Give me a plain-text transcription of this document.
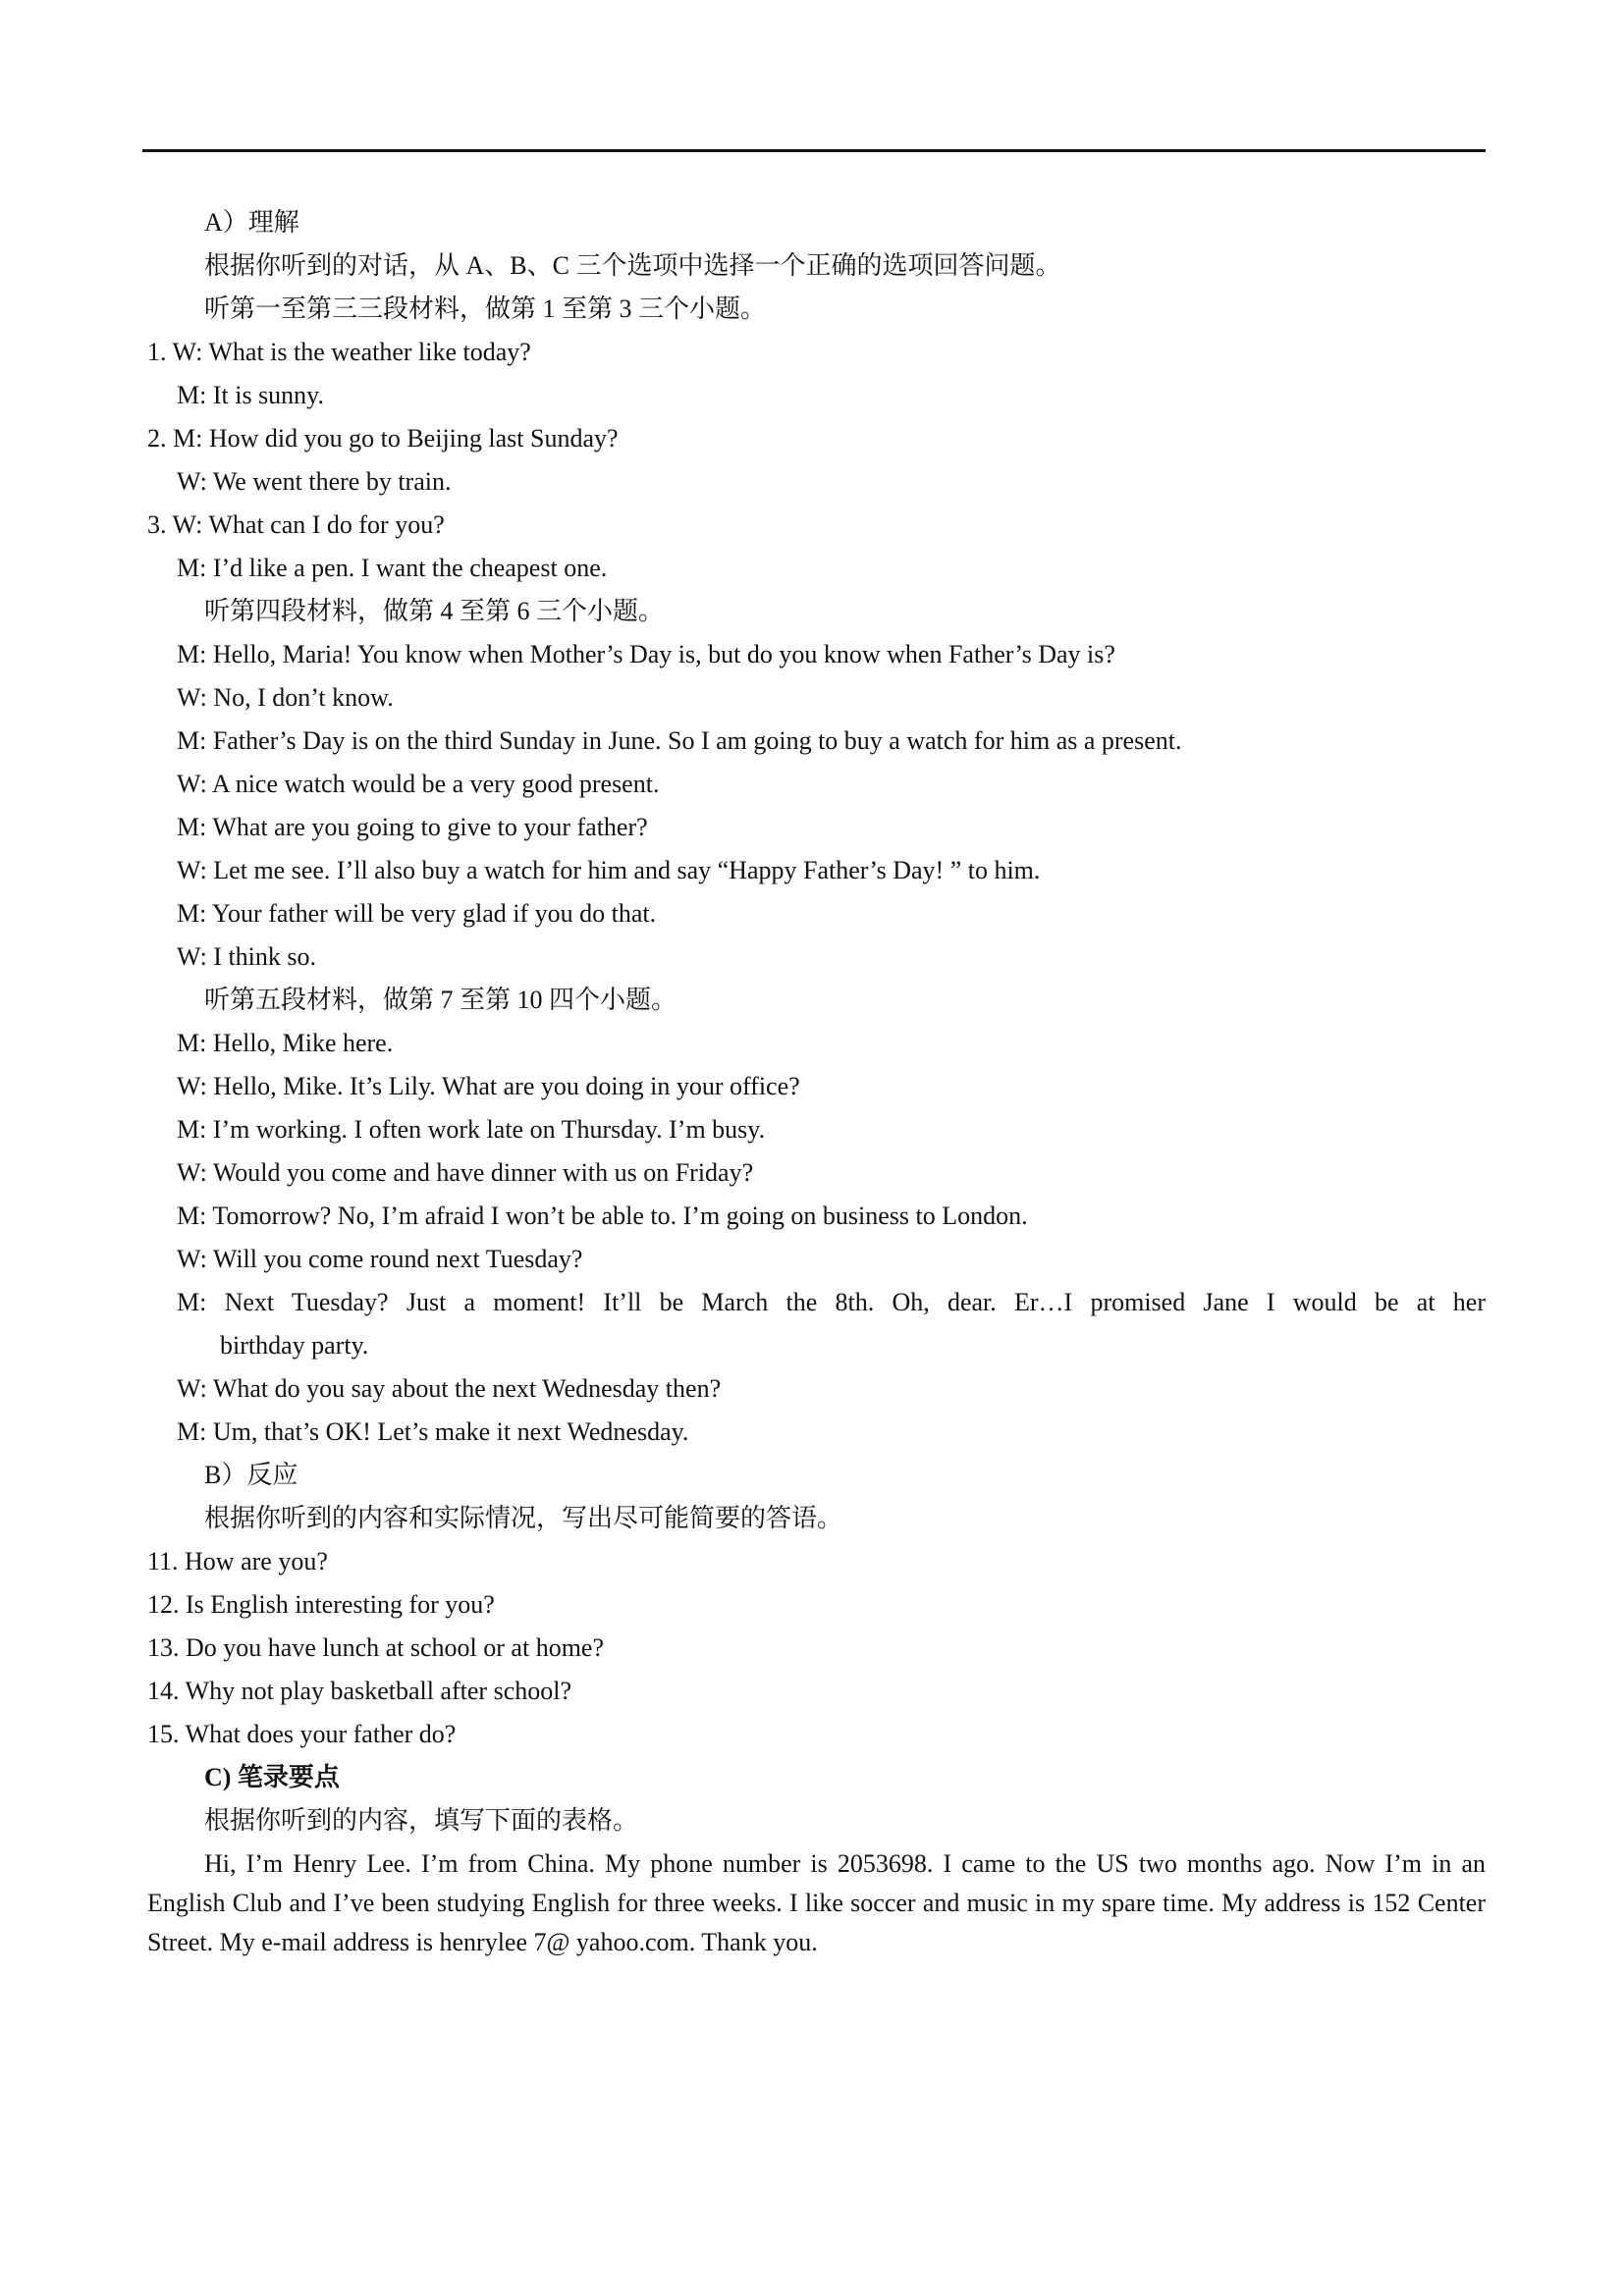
A）理解
根据你听到的对话，从 A、B、C 三个选项中选择一个正确的选项回答问题。
听第一至第三三段材料，做第 1 至第 3 三个小题。
1. W: What is the weather like today?
M: It is sunny.
2. M: How did you go to Beijing last Sunday?
W: We went there by train.
3. W: What can I do for you?
M: I’d like a pen. I want the cheapest one.
听第四段材料，做第 4 至第 6 三个小题。
M: Hello, Maria! You know when Mother’s Day is, but do you know when Father’s Day is?
W: No, I don’t know.
M: Father’s Day is on the third Sunday in June. So I am going to buy a watch for him as a present.
W: A nice watch would be a very good present.
M: What are you going to give to your father?
W: Let me see. I’ll also buy a watch for him and say “Happy Father’s Day! ” to him.
M: Your father will be very glad if you do that.
W: I think so.
听第五段材料，做第 7 至第 10 四个小题。
M: Hello, Mike here.
W: Hello, Mike. It’s Lily. What are you doing in your office?
M: I’m working. I often work late on Thursday. I’m busy.
W: Would you come and have dinner with us on Friday?
M: Tomorrow? No, I’m afraid I won’t be able to. I’m going on business to London.
W: Will you come round next Tuesday?
M: Next Tuesday? Just a moment! It’ll be March the 8th. Oh, dear. Er…I promised Jane I would be at her
birthday party.
W: What do you say about the next Wednesday then?
M: Um, that’s OK! Let’s make it next Wednesday.
B）反应
根据你听到的内容和实际情况，写出尽可能简要的答语。
11. How are you?
12. Is English interesting for you?
13. Do you have lunch at school or at home?
14. Why not play basketball after school?
15. What does your father do?
C) 笔录要点
根据你听到的内容，填写下面的表格。
Hi, I’m Henry Lee. I’m from China. My phone number is 2053698. I came to the US two months ago. Now I’m in an English Club and I’ve been studying English for three weeks. I like soccer and music in my spare time. My address is 152 Center Street. My e-mail address is henrylee 7@ yahoo.com. Thank you.
